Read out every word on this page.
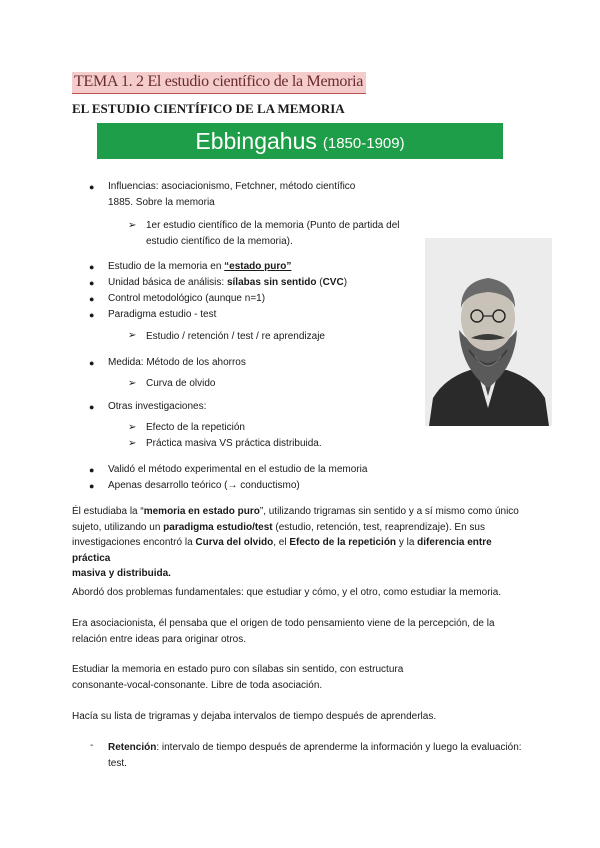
TEMA 1. 2 El estudio científico de la Memoria
EL ESTUDIO CIENTÍFICO DE LA MEMORIA
Ebbingahus (1850-1909)
● Influencias: asociacionismo, Fetchner, método científico
1885. Sobre la memoria
➢ 1er estudio científico de la memoria (Punto de partida del
estudio científico de la memoria).
● Estudio de la memoria en “estado puro”
● Unidad básica de análisis: sílabas sin sentido (CVC)
● Control metodológico (aunque n=1)
● Paradigma estudio - test
➢ Estudio / retención / test / re aprendizaje
● Medida: Método de los ahorros
➢ Curva de olvido
● Otras investigaciones:
➢ Efecto de la repetición
➢ Práctica masiva VS práctica distribuida.
● Validó el método experimental en el estudio de la memoria
● Apenas desarrollo teórico (→ conductismo)
Él estudiaba la “memoria en estado puro”, utilizando trigramas sin sentido y a sí mismo como único
sujeto, utilizando un paradigma estudio/test (estudio, retención, test, reaprendizaje). En sus
investigaciones encontró la Curva del olvido, el Efecto de la repetición y la diferencia entre práctica
masiva y distribuida.
Abordó dos problemas fundamentales: que estudiar y cómo, y el otro, como estudiar la memoria.
Era asociacionista, él pensaba que el origen de todo pensamiento viene de la percepción, de la
relación entre ideas para originar otros.
Estudiar la memoria en estado puro con sílabas sin sentido, con estructura
consonante-vocal-consonante. Libre de toda asociación.
Hacía su lista de trigramas y dejaba intervalos de tiempo después de aprenderlas.
- Retención: intervalo de tiempo después de aprenderme la información y luego la evaluación:
test.
